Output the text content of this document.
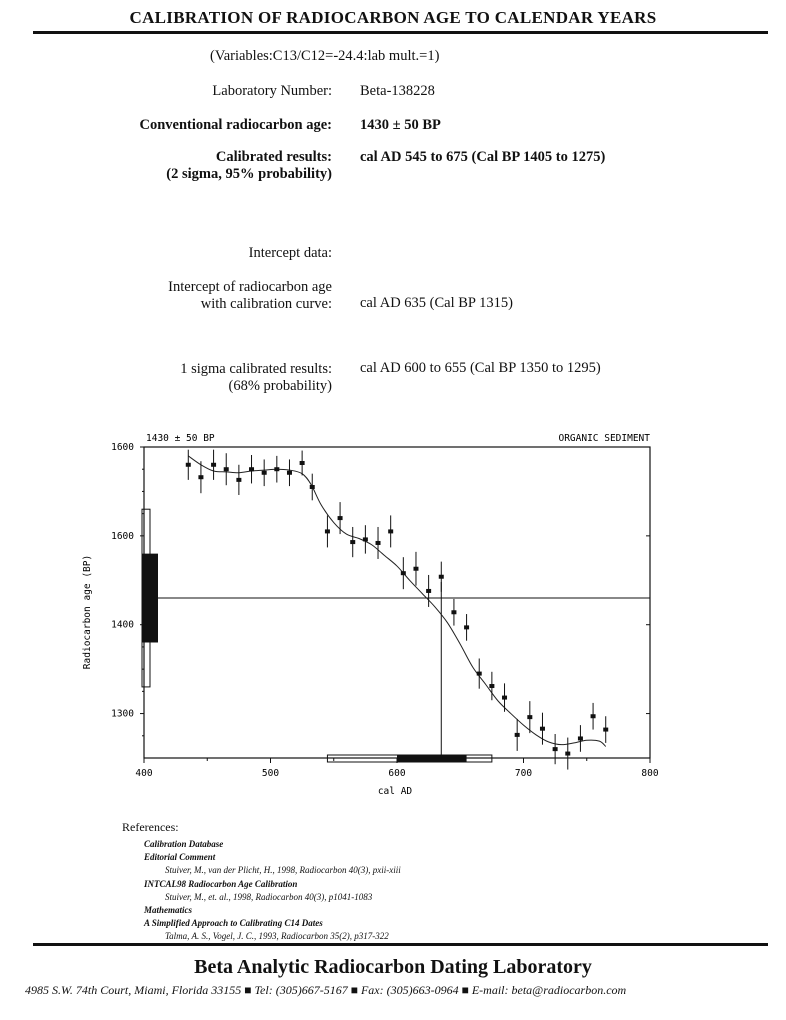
CALIBRATION OF RADIOCARBON AGE TO CALENDAR YEARS
(Variables:C13/C12=-24.4:lab mult.=1)
Laboratory Number: Beta-138228
Conventional radiocarbon age: 1430 ± 50 BP
Calibrated results:
(2 sigma, 95% probability)
cal AD 545 to 675 (Cal BP 1405 to 1275)
Intercept data:
Intercept of radiocarbon age
with calibration curve: cal AD 635 (Cal BP 1315)
1 sigma calibrated results:
(68% probability)
cal AD 600 to 655 (Cal BP 1350 to 1295)
400	500	600	700	800
1300
1400
1600
1600
1430 ± 50 BP	ORGANIC SEDIMENT
cal AD
Radiocarbon age (BP)
References:
Calibration Database
Editorial Comment
Stuiver, M., van der Plicht, H., 1998, Radiocarbon 40(3), pxii-xiii
INTCAL98 Radiocarbon Age Calibration
Stuiver, M., et. al., 1998, Radiocarbon 40(3), p1041-1083
Mathematics
A Simplified Approach to Calibrating C14 Dates
Talma, A. S., Vogel, J. C., 1993, Radiocarbon 35(2), p317-322
Beta Analytic Radiocarbon Dating Laboratory
4985 S.W. 74th Court, Miami, Florida 33155 ■ Tel: (305)667-5167 ■ Fax: (305)663-0964 ■ E-mail: beta@radiocarbon.com
